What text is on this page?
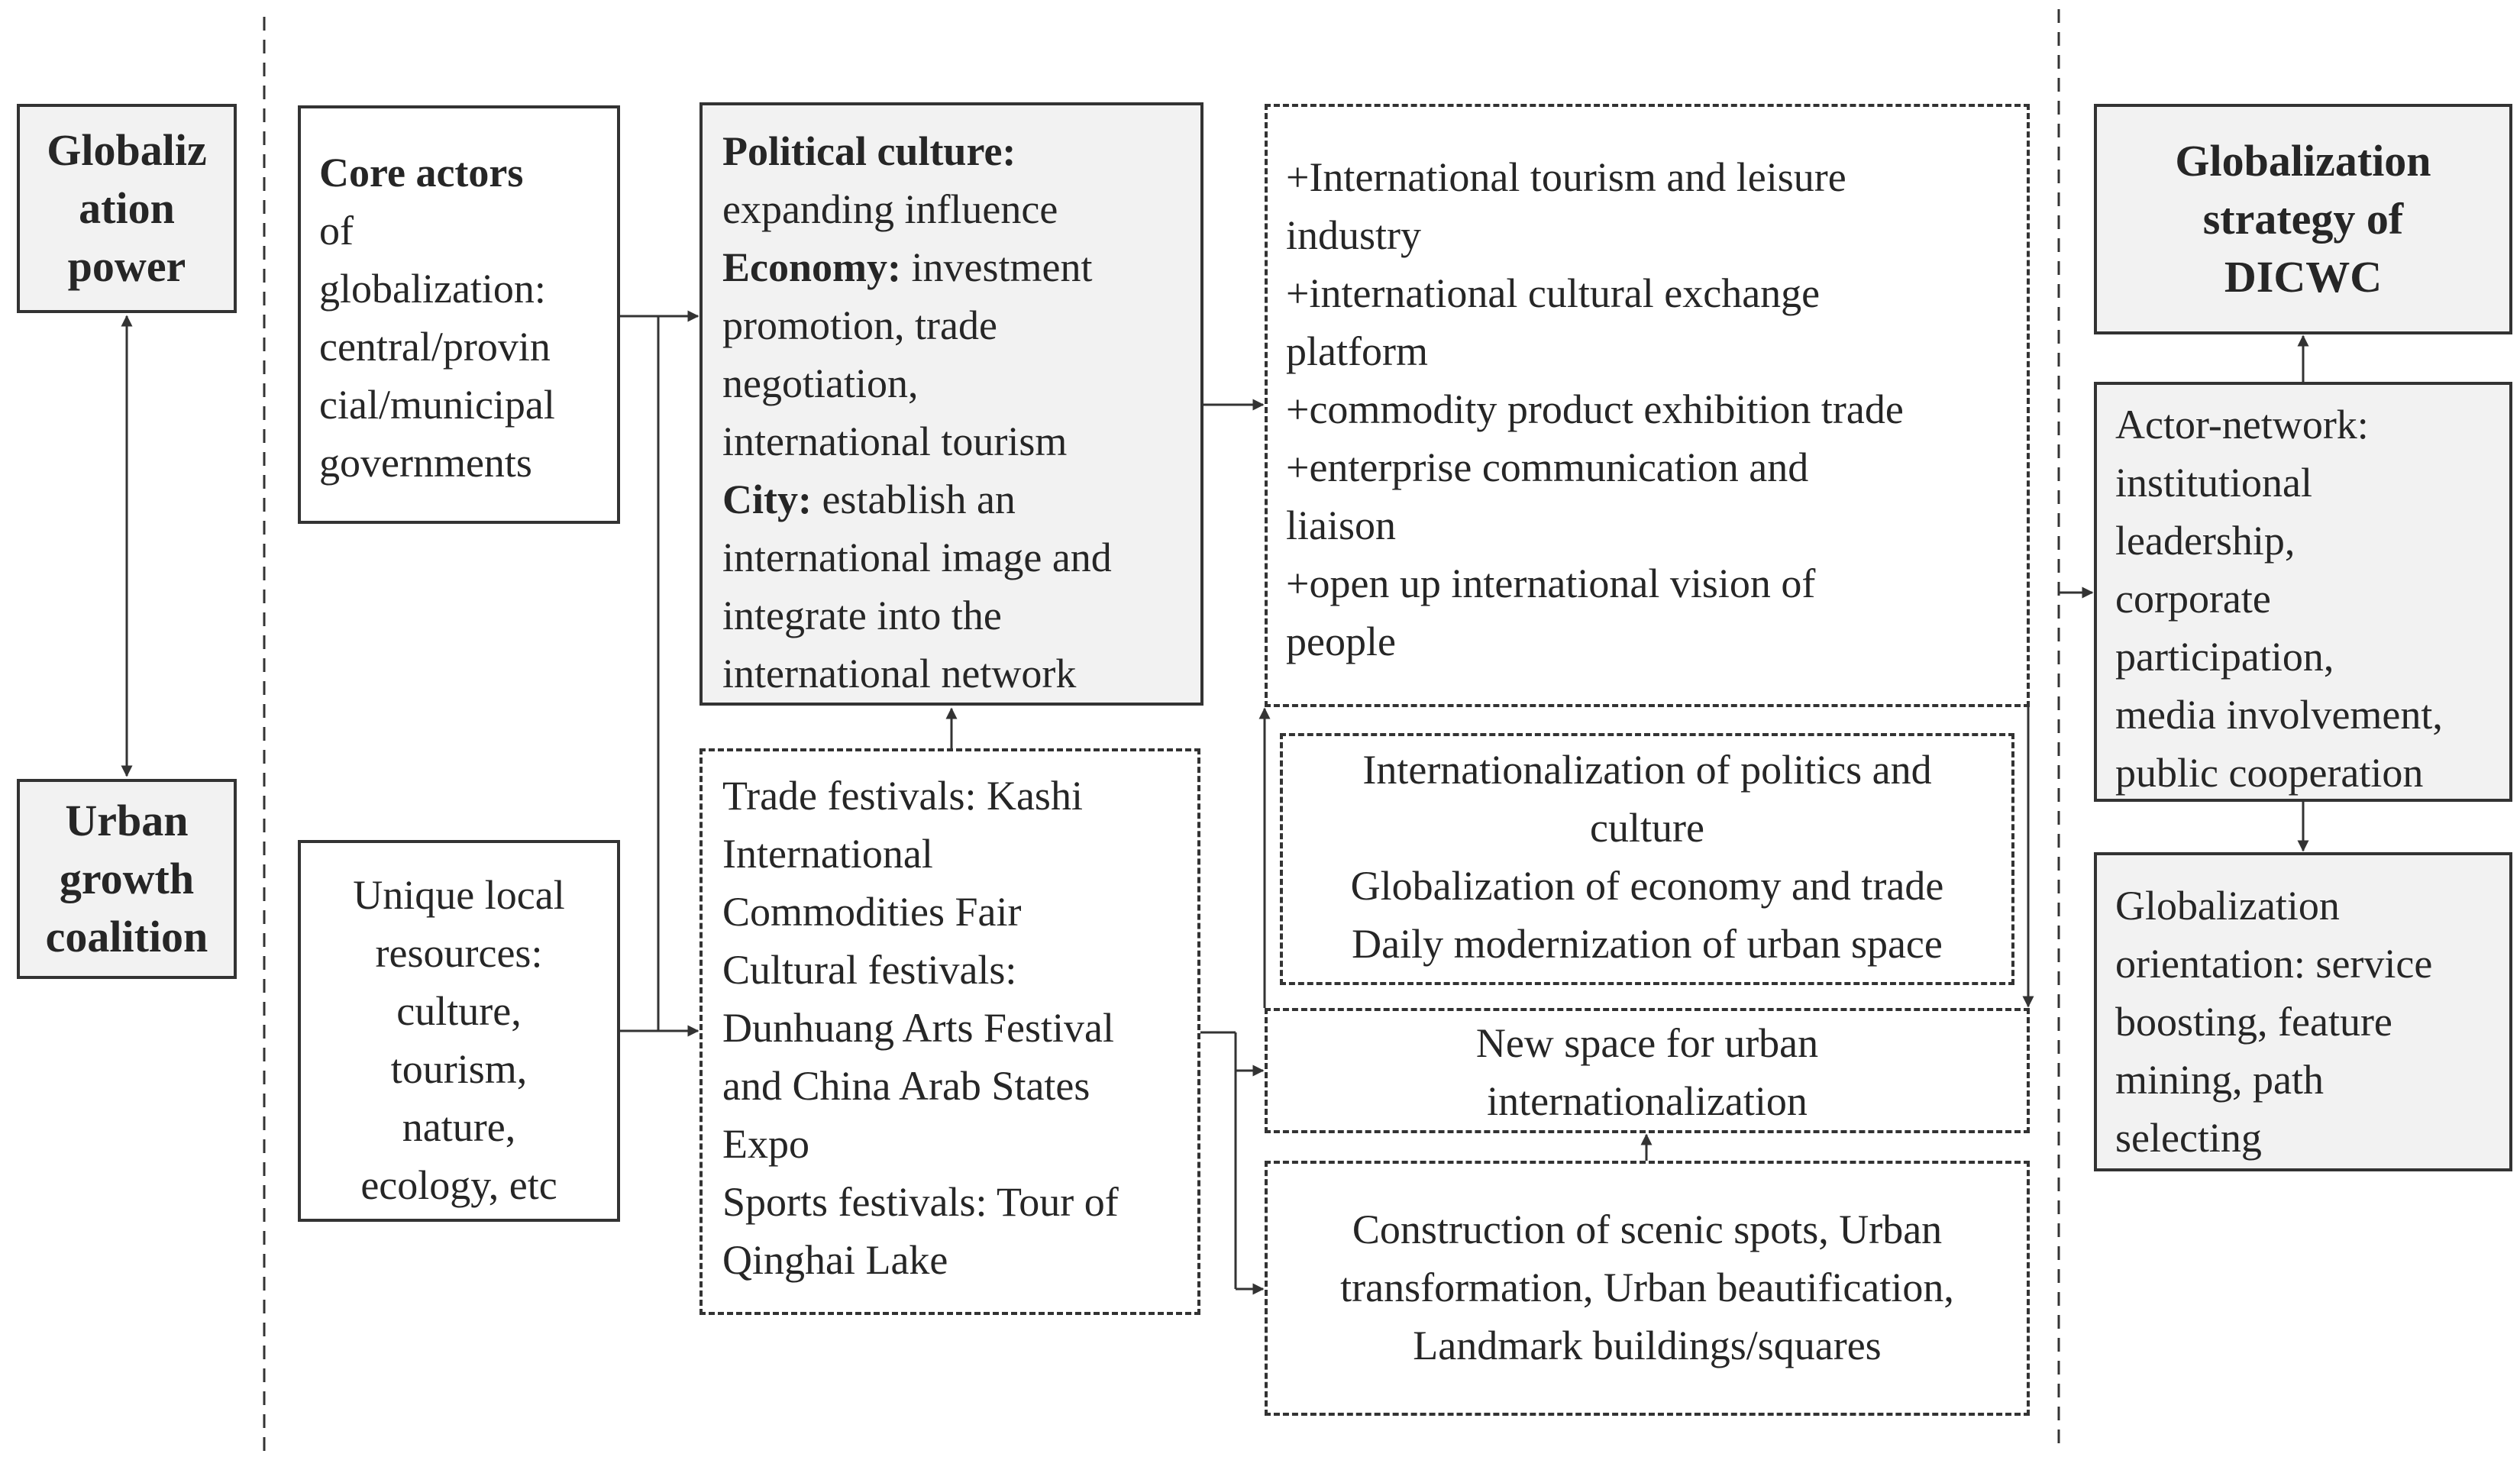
Globaliz
ation
power
Urban
growth
coalition
Core actors
of
globalization:
central/provin
cial/municipal
governments
Unique local
resources:
culture,
tourism,
nature,
ecology, etc
Political culture:
expanding influence
Economy: investment
promotion, trade
negotiation,
international tourism
City: establish an
international image and
integrate into the
international network
Trade festivals: Kashi
International
Commodities Fair
Cultural festivals:
Dunhuang Arts Festival
and China Arab States
Expo
Sports festivals: Tour of
Qinghai Lake
+International tourism and leisure
industry
+international cultural exchange
platform
+commodity product exhibition trade
+enterprise communication and
liaison
+open up international vision of
people
Internationalization of politics and
culture
Globalization of economy and trade
Daily modernization of urban space
New space for urban
internationalization
Construction of scenic spots, Urban
transformation, Urban beautification,
Landmark buildings/squares
Globalization
strategy of
DICWC
Actor-network:
institutional
leadership,
corporate
participation,
media involvement,
public cooperation
Globalization
orientation: service
boosting, feature
mining, path
selecting
